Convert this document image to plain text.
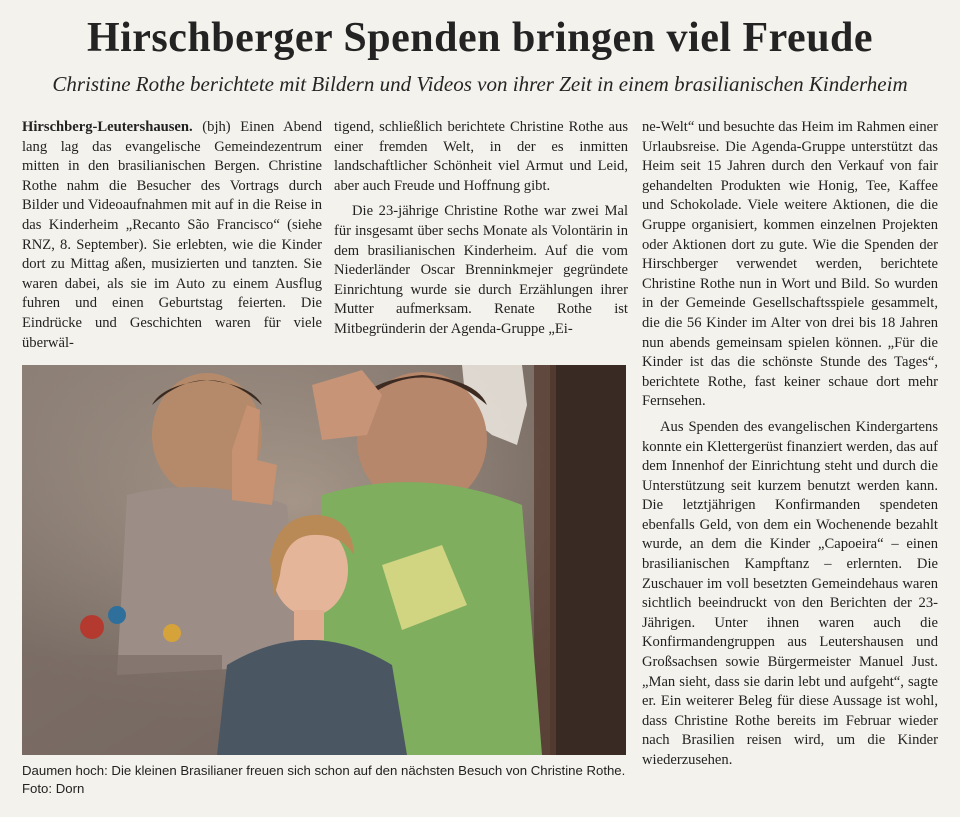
Hirschberger Spenden bringen viel Freude
Christine Rothe berichtete mit Bildern und Videos von ihrer Zeit in einem brasilianischen Kinderheim

Hirschberg-Leutershausen. (bjh) Einen Abend lang lag das evangelische Gemeindezentrum mitten in den brasilianischen Bergen. Christine Rothe nahm die Besucher des Vortrags durch Bilder und Videoaufnahmen mit auf in die Reise in das Kinderheim „Recanto São Francisco“ (siehe RNZ, 8. September). Sie erlebten, wie die Kinder dort zu Mittag aßen, musizierten und tanzten. Sie waren dabei, als sie im Auto zu einem Ausflug fuhren und einen Geburtstag feierten. Die Eindrücke und Geschichten waren für viele überwäl-

tigend, schließlich berichtete Christine Rothe aus einer fremden Welt, in der es inmitten landschaftlicher Schönheit viel Armut und Leid, aber auch Freude und Hoffnung gibt.

Die 23-jährige Christine Rothe war zwei Mal für insgesamt über sechs Monate als Volontärin in dem brasilianischen Kinderheim. Auf die vom Niederländer Oscar Brenninkmejer gegründete Einrichtung wurde sie durch Erzählungen ihrer Mutter aufmerksam. Renate Rothe ist Mitbegründerin der Agenda-Gruppe „Ei-

ne-Welt“ und besuchte das Heim im Rahmen einer Urlaubsreise. Die Agenda-Gruppe unterstützt das Heim seit 15 Jahren durch den Verkauf von fair gehandelten Produkten wie Honig, Tee, Kaffee und Schokolade. Viele weitere Aktionen, die die Gruppe organisiert, kommen einzelnen Projekten oder Aktionen dort zu gute. Wie die Spenden der Hirschberger verwendet werden, berichtete Christine Rothe nun in Wort und Bild. So wurden in der Gemeinde Gesellschaftsspiele gesammelt, die die 56 Kinder im Alter von drei bis 18 Jahren nun abends gemeinsam spielen können. „Für die Kinder ist das die schönste Stunde des Tages“, berichtete Rothe, fast keiner schaue dort mehr Fernsehen.

Aus Spenden des evangelischen Kindergartens konnte ein Klettergerüst finanziert werden, das auf dem Innenhof der Einrichtung steht und durch die Unterstützung seit kurzem benutzt werden kann. Die letztjährigen Konfirmanden spendeten ebenfalls Geld, von dem ein Wochenende bezahlt wurde, an dem die Kinder „Capoeira“ – einen brasilianischen Kampftanz – erlernten. Die Zuschauer im voll besetzten Gemeindehaus waren sichtlich beeindruckt von den Berichten der 23-Jährigen. Unter ihnen waren auch die Konfirmandengruppen aus Leutershausen und Großsachsen sowie Bürgermeister Manuel Just. „Man sieht, dass sie darin lebt und aufgeht“, sagte er. Ein weiterer Beleg für diese Aussage ist wohl, dass Christine Rothe bereits im Februar wieder nach Brasilien reisen wird, um die Kinder wiederzusehen.

Daumen hoch: Die kleinen Brasilianer freuen sich schon auf den nächsten Besuch von Christine Rothe. Foto: Dorn
